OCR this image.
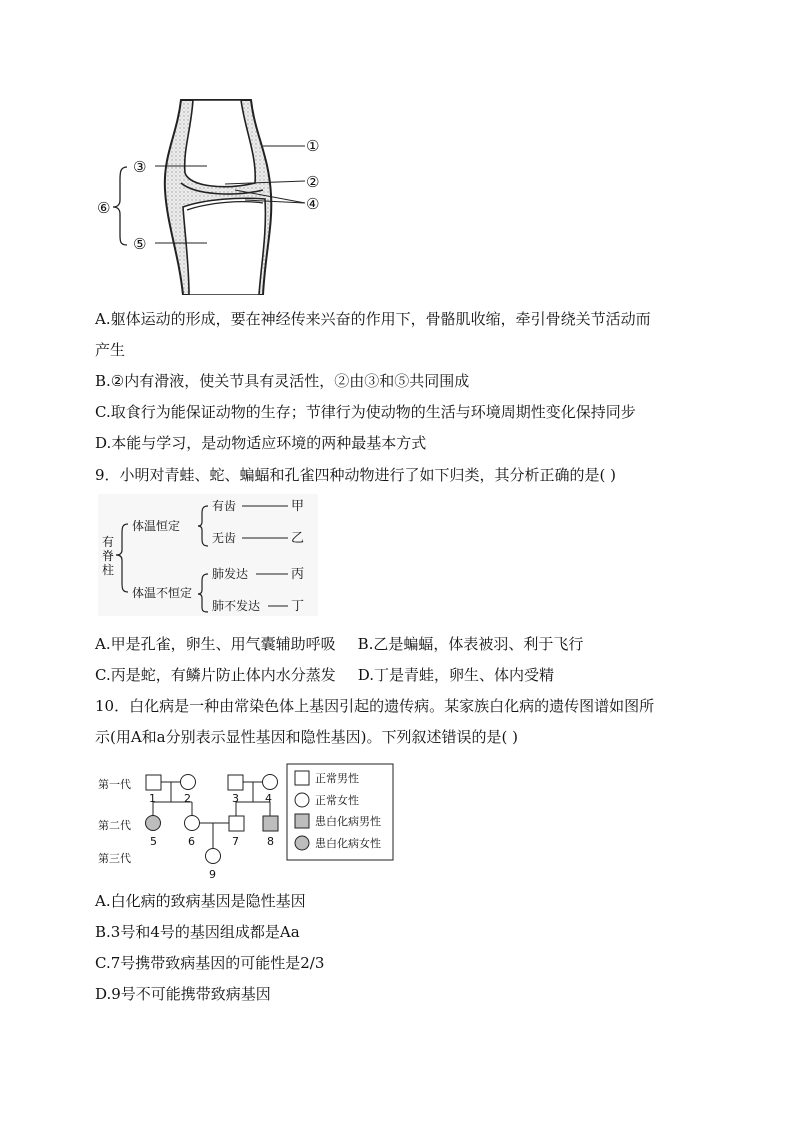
③
⑤
⑥
①
②
④

A.躯体运动的形成，要在神经传来兴奋的作用下，骨骼肌收缩，牵引骨绕关节活动而

产生

B.②内有滑液，使关节具有灵活性，②由③和⑤共同围成

C.取食行为能保证动物的生存；节律行为使动物的生活与环境周期性变化保持同步

D.本能与学习，是动物适应环境的两种最基本方式

9．小明对青蛙、蛇、蝙蝠和孔雀四种动物进行了如下归类，其分析正确的是( )

有
脊
柱
体温恒定
体温不恒定
有齿
无齿
肺发达
肺不发达
甲
乙
丙
丁

A.甲是孔雀，卵生、用气囊辅助呼吸 B.乙是蝙蝠，体表被羽、利于飞行

C.丙是蛇，有鳞片防止体内水分蒸发 D.丁是青蛙，卵生、体内受精

10．白化病是一种由常染色体上基因引起的遗传病。某家族白化病的遗传图谱如图所

示(用A和a分别表示显性基因和隐性基因)。下列叙述错误的是( )

第一代
第二代
第三代
1	2	3 4
5	6	7	8
9
正常男性
正常女性
患白化病男性
患白化病女性

A.白化病的致病基因是隐性基因

B.3号和4号的基因组成都是Aa

C.7号携带致病基因的可能性是2/3

D.9号不可能携带致病基因
